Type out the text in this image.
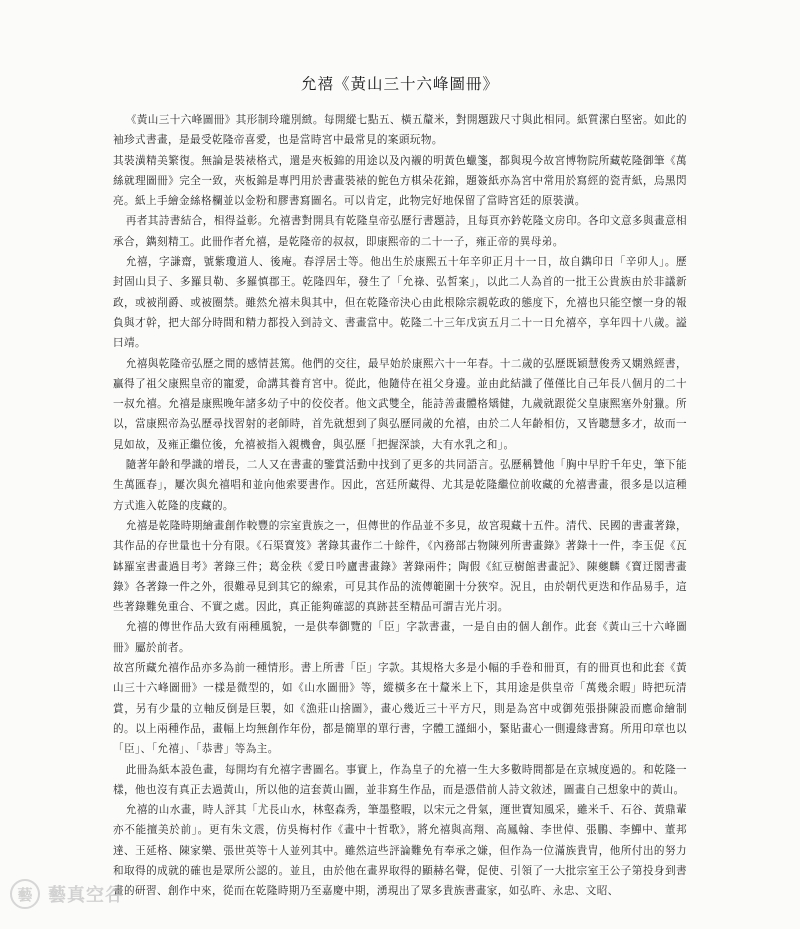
允禧《黃山三十六峰圖冊》

《黃山三十六峰圖冊》其形制玲瓏別緻。每開縱七點五、橫五釐米，對開題跋尺寸與此相同。紙質潔白堅密。如此的袖珍式書畫，是最受乾隆帝喜愛，也是當時宮中最常見的案頭玩物。

其裝潢精美繁復。無論是裝裱格式，還是夾板錦的用途以及內襯的明黃色蠟箋，都與現今故宮博物院所藏乾隆御筆《萬絲就理圖冊》完全一致，夾板錦是專門用於書畫裝裱的鮀色方棋朵花錦，題簽紙亦為宮中常用於寫經的瓷青紙，烏黑閃亮。紙上手繪金絲格欄並以金粉和膠書寫圖名。可以肯定，此物完好地保留了當時宮廷的原裝潢。

再者其詩書結合，相得益彰。允禧書對開具有乾隆皇帝弘歷行書題詩，且每頁亦鈐乾隆文房印。各印文意多與畫意相承合，鐫刻精工。此冊作者允禧，是乾隆帝的叔叔，即康熙帝的二十一子，雍正帝的異母弟。

允禧，字謙齋，號紫瓊道人、後庵。春浮居士等。他出生於康熙五十年辛卯正月十一日，故自鐫印日「辛卯人」。歷封固山貝子、多羅貝勒、多羅慎郡王。乾隆四年，發生了「允祿、弘皙案」，以此二人為首的一批王公貴族由於非議新政，或被削爵、或被圈禁。雖然允禧未與其中，但在乾隆帝決心由此根除宗親乾政的態度下，允禧也只能空懷一身的報負與才幹，把大部分時間和精力都投入到詩文、書畫當中。乾隆二十三年戊寅五月二十一日允禧卒，享年四十八歲。謚曰靖。

允禧與乾隆帝弘歷之間的感情甚篤。他們的交往，最早始於康熙六十一年春。十二歲的弘歷既穎慧俊秀又嫻熟經書，贏得了祖父康熙皇帝的寵愛，命講其養育宮中。從此，他隨侍在祖父身邊。並由此結識了僅僅比自己年長八個月的二十一叔允禧。允禧是康熙晚年諸多幼子中的佼佼者。他文武雙全，能詩善畫體格矯健，九歲就跟從父皇康熙塞外射獵。所以，當康熙帝為弘歷尋找習射的老師時，首先就想到了與弘歷同歲的允禧，由於二人年齡相仿，又皆聰慧多才，故而一見如故，及雍正繼位後，允禧被指入親機會，與弘歷「把握深談，大有水乳之和」。

隨著年齡和學識的增長，二人又在書畫的鑒賞活動中找到了更多的共同語言。弘歷稱贊他「胸中早貯千年史，筆下能生萬匯春」，屢次與允禧唱和並向他索要書作。因此，宮廷所藏得、尤其是乾隆繼位前收藏的允禧書畫，很多是以這種方式進入乾隆的庋藏的。

允禧是乾隆時期繪畫創作較豐的宗室貴族之一，但傳世的作品並不多見，故宮現藏十五件。清代、民國的書畫著錄，其作品的存世量也十分有限。《石渠寶笈》著錄其畫作二十餘件，《內務部古物陳列所書畫錄》著錄十一件，李玉促《瓦缽羅室書畫過目考》著錄三件；葛金秩《愛日吟廬書畫錄》著錄兩件；陶假《紅豆樹館書畫記》、陳夔麟《寶迂閣書畫錄》各著錄一件之外，很難尋見到其它的線索，可見其作品的流傳範圍十分狹窄。況且，由於朝代更迭和作品易手，這些著錄難免重合、不實之處。因此，真正能夠確認的真跡甚至精品可謂吉光片羽。

允禧的傳世作品大致有兩種風貌，一是供奉御覽的「臣」字款書畫，一是自由的個人創作。此套《黃山三十六峰圖冊》屬於前者。

故宮所藏允禧作品亦多為前一種情形。書上所書「臣」字款。其規格大多是小幅的手卷和冊頁，有的冊頁也和此套《黃山三十六峰圖冊》一樣是微型的，如《山水圖冊》等，縱橫多在十釐米上下，其用途是供皇帝「萬幾余暇」時把玩清賞，另有少量的立軸反倒是巨製，如《漁莊山捨圖》，畫心幾近三十平方尺，則是為宮中或御苑張掛陳設而應命繪制的。以上兩種作品，畫幅上均無創作年份，都是簡單的單行書，字體工謹細小，緊貼畫心一側邊緣書寫。所用印章也以「臣」、「允禧」、「恭書」等為主。

此冊為紙本設色畫，每開均有允禧字書圖名。事實上，作為皇子的允禧一生大多數時間都是在京城度過的。和乾隆一樣，他也沒有真正去過黃山，所以他的這套黃山圖，並非寫生作品，而是憑借前人詩文敘述，圖畫自己想象中的黃山。

允禧的山水畫，時人評其「尤長山水，林壑森秀，筆墨整暇，以宋元之骨氣，運世寶知風采，雖米千、石谷、黃鼎輩亦不能擅美於前」。更有朱文震，仿吳梅村作《畫中十哲歌》，將允禧與高翔、高鳳翰、李世倬、張鵬、李鱓中、董邦達、王延格、陳家樂、張世英等十人並列其中。雖然這些評論難免有奉承之嫌，但作為一位滿族貴胄，他所付出的努力和取得的成就的確也是眾所公認的。並且，由於他在畫界取得的顯赫名聲，促使、引領了一大批宗室王公子第投身到書畫的研習、創作中來，從而在乾隆時期乃至嘉慶中期，湧現出了眾多貴族書畫家，如弘旿、永忠、文昭、

藝 藝真空谷
